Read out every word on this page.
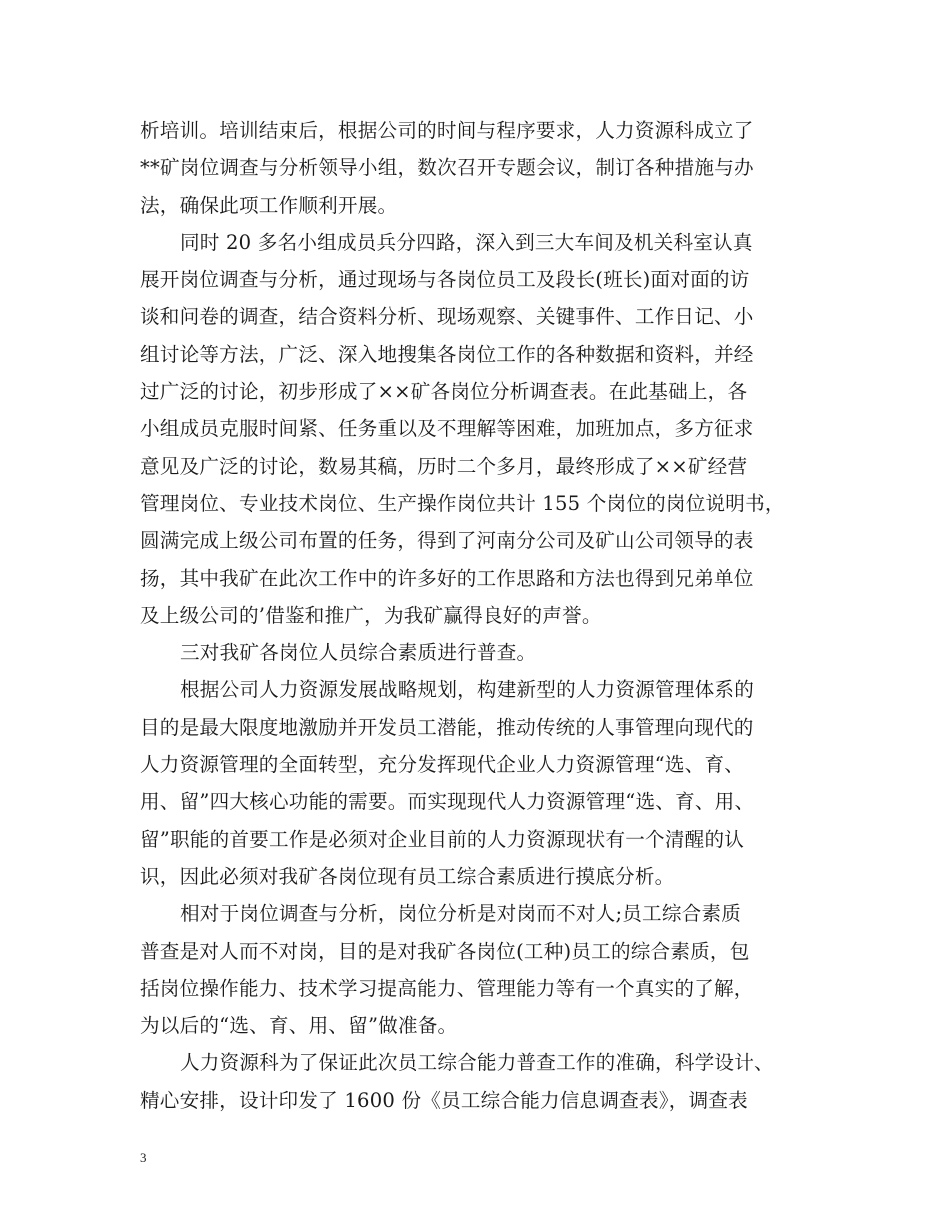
析培训。培训结束后，根据公司的时间与程序要求，人力资源科成立了
**矿岗位调查与分析领导小组，数次召开专题会议，制订各种措施与办
法，确保此项工作顺利开展。
同时 20 多名小组成员兵分四路，深入到三大车间及机关科室认真
展开岗位调查与分析，通过现场与各岗位员工及段长(班长)面对面的访
谈和问卷的调查，结合资料分析、现场观察、关键事件、工作日记、小
组讨论等方法，广泛、深入地搜集各岗位工作的各种数据和资料，并经
过广泛的讨论，初步形成了××矿各岗位分析调查表。在此基础上，各
小组成员克服时间紧、任务重以及不理解等困难，加班加点，多方征求
意见及广泛的讨论，数易其稿，历时二个多月，最终形成了××矿经营
管理岗位、专业技术岗位、生产操作岗位共计 155 个岗位的岗位说明书，
圆满完成上级公司布置的任务，得到了河南分公司及矿山公司领导的表
扬，其中我矿在此次工作中的许多好的工作思路和方法也得到兄弟单位
及上级公司的’借鉴和推广，为我矿赢得良好的声誉。
三对我矿各岗位人员综合素质进行普查。
根据公司人力资源发展战略规划，构建新型的人力资源管理体系的
目的是最大限度地激励并开发员工潜能，推动传统的人事管理向现代的
人力资源管理的全面转型，充分发挥现代企业人力资源管理“选、育、
用、留”四大核心功能的需要。而实现现代人力资源管理“选、育、用、
留”职能的首要工作是必须对企业目前的人力资源现状有一个清醒的认
识，因此必须对我矿各岗位现有员工综合素质进行摸底分析。
相对于岗位调查与分析，岗位分析是对岗而不对人;员工综合素质
普查是对人而不对岗，目的是对我矿各岗位(工种)员工的综合素质，包
括岗位操作能力、技术学习提高能力、管理能力等有一个真实的了解，
为以后的“选、育、用、留”做准备。
人力资源科为了保证此次员工综合能力普查工作的准确，科学设计、
精心安排，设计印发了 1600 份《员工综合能力信息调查表》，调查表
3
